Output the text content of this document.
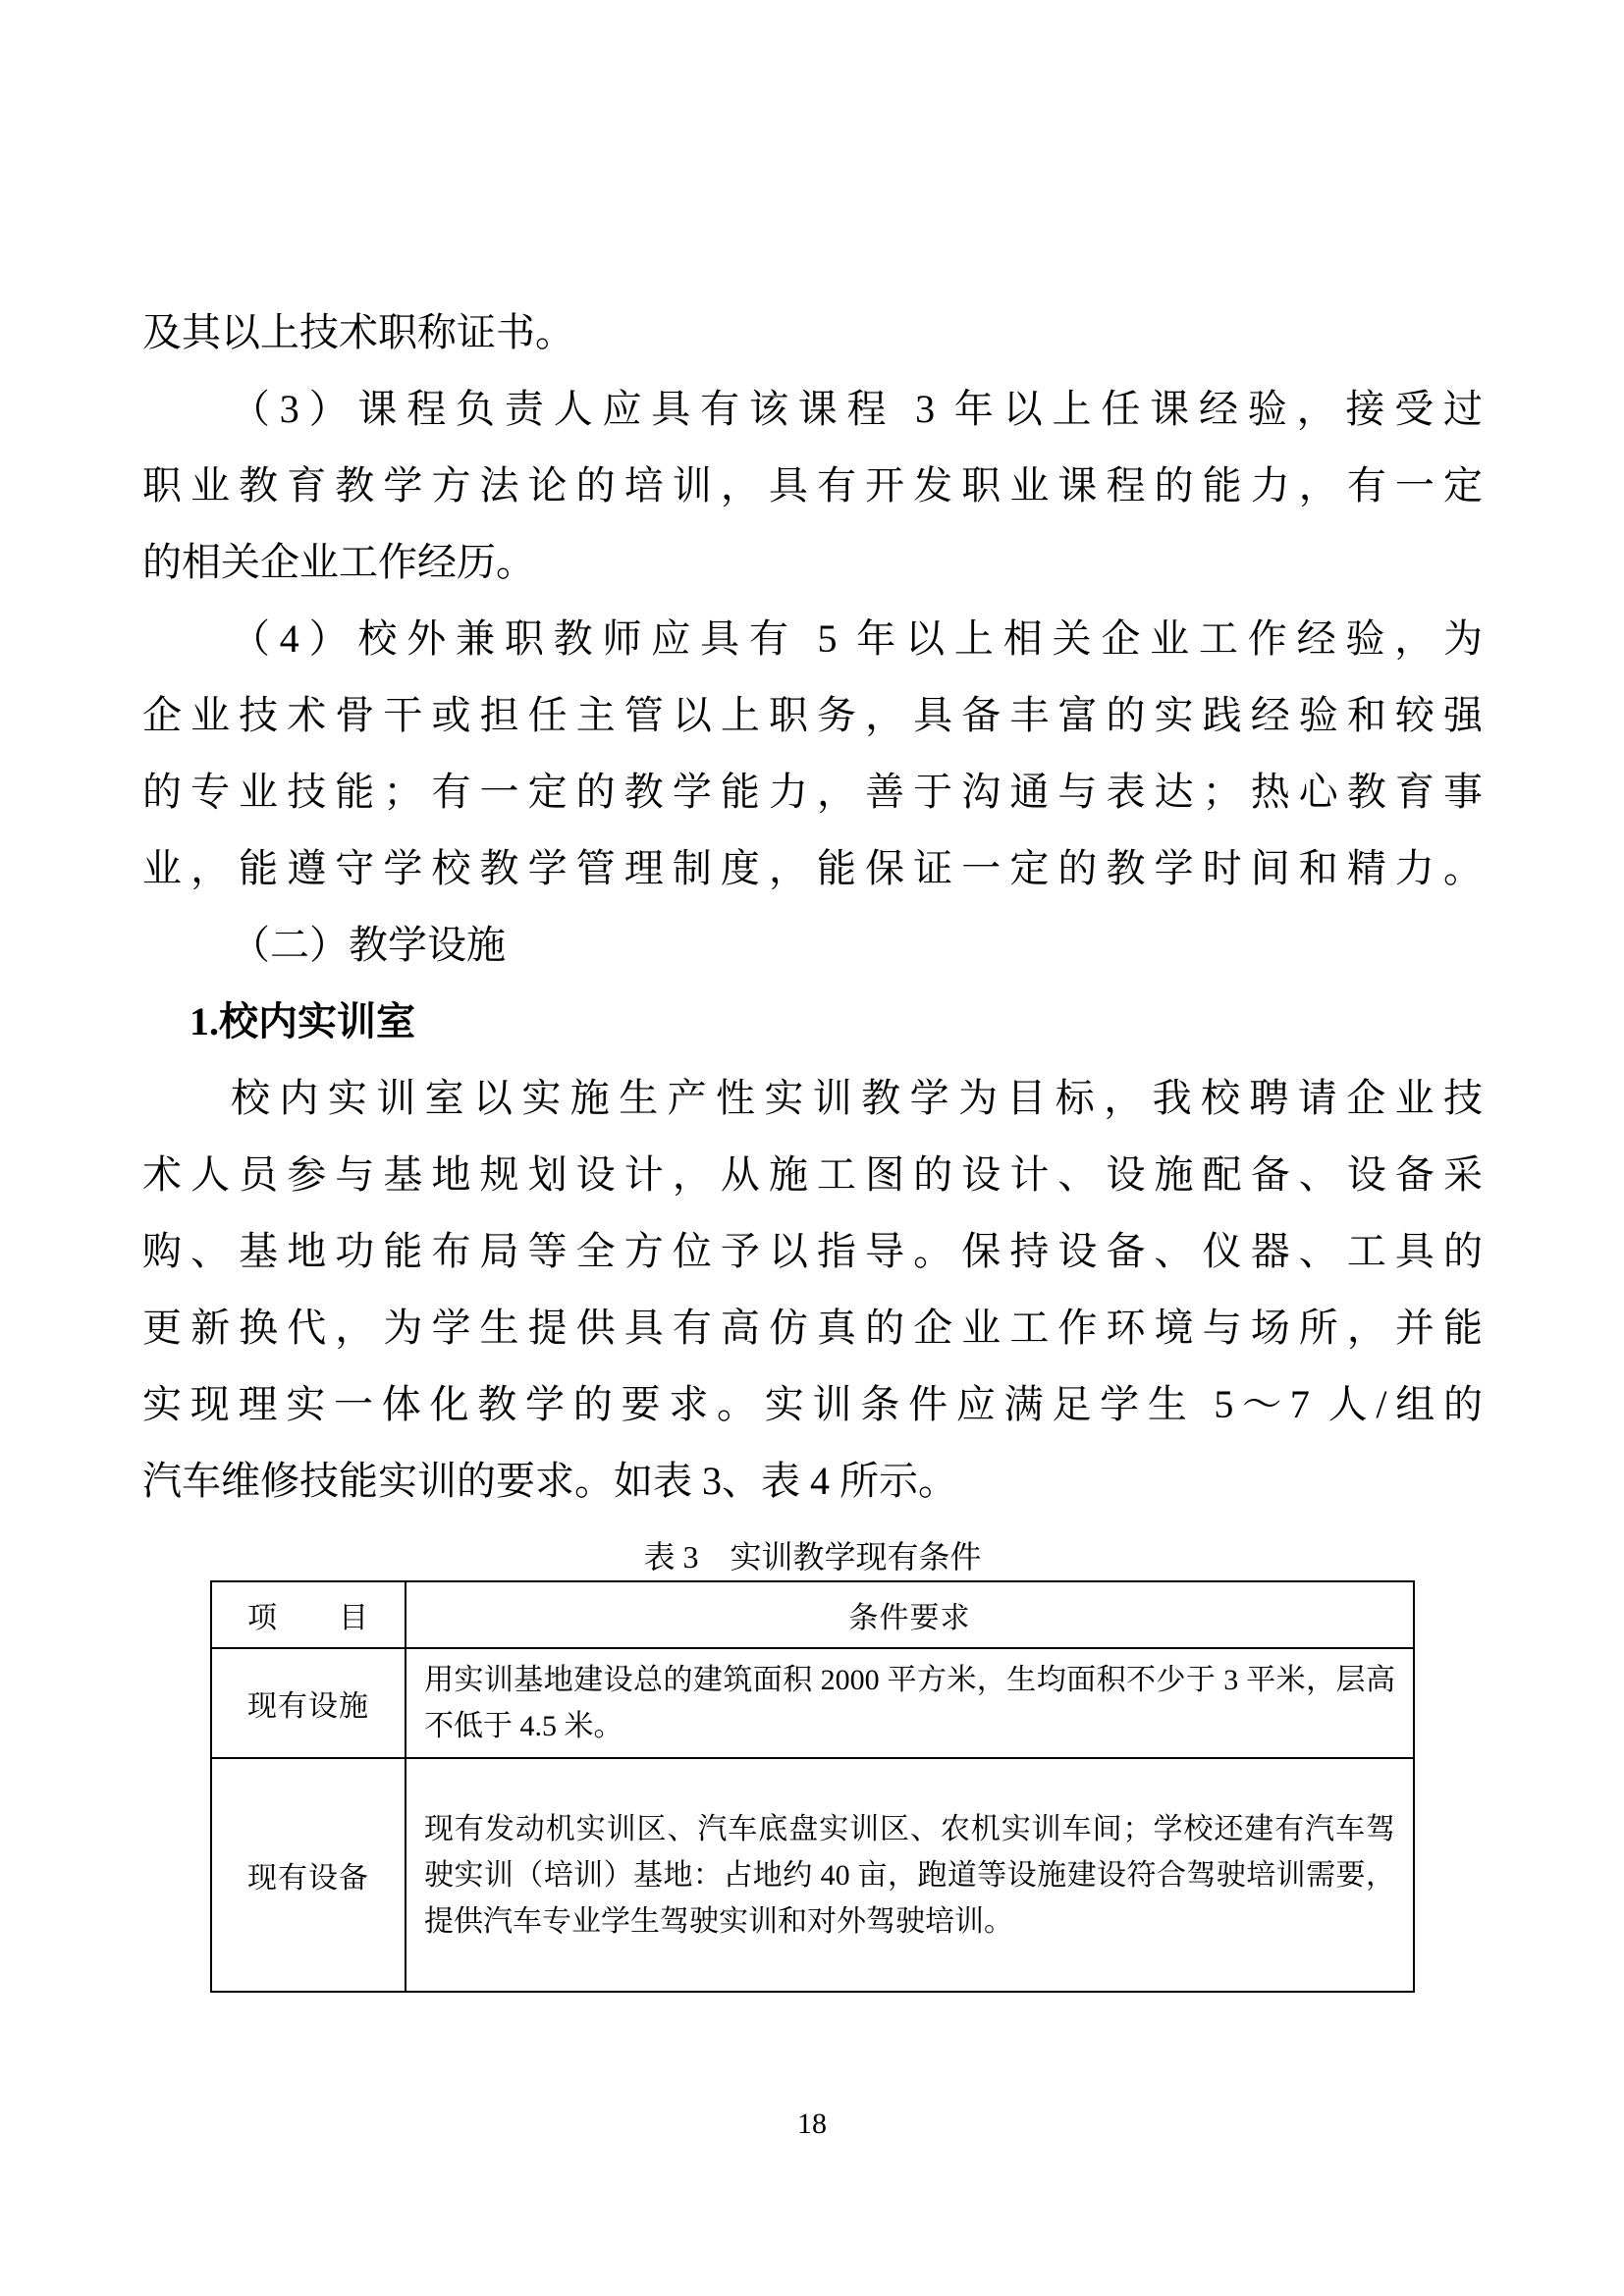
及其以上技术职称证书。
（3）课程负责人应具有该课程 3 年以上任课经验，接受过
职业教育教学方法论的培训，具有开发职业课程的能力，有一定
的相关企业工作经历。
（4）校外兼职教师应具有 5 年以上相关企业工作经验，为
企业技术骨干或担任主管以上职务，具备丰富的实践经验和较强
的专业技能；有一定的教学能力，善于沟通与表达；热心教育事
业，能遵守学校教学管理制度，能保证一定的教学时间和精力。
（二）教学设施
1.校内实训室
校内实训室以实施生产性实训教学为目标，我校聘请企业技
术人员参与基地规划设计，从施工图的设计、设施配备、设备采
购、基地功能布局等全方位予以指导。保持设备、仪器、工具的
更新换代，为学生提供具有高仿真的企业工作环境与场所，并能
实现理实一体化教学的要求。实训条件应满足学生 5～7 人/组的
汽车维修技能实训的要求。如表 3、表 4 所示。
表 3　实训教学现有条件
项　　目	条件要求
现有设施	用实训基地建设总的建筑面积 2000 平方米，生均面积不少于 3 平米，层高不低于 4.5 米。
现有设备	现有发动机实训区、汽车底盘实训区、农机实训车间；学校还建有汽车驾驶实训（培训）基地：占地约 40 亩，跑道等设施建设符合驾驶培训需要，提供汽车专业学生驾驶实训和对外驾驶培训。
18
